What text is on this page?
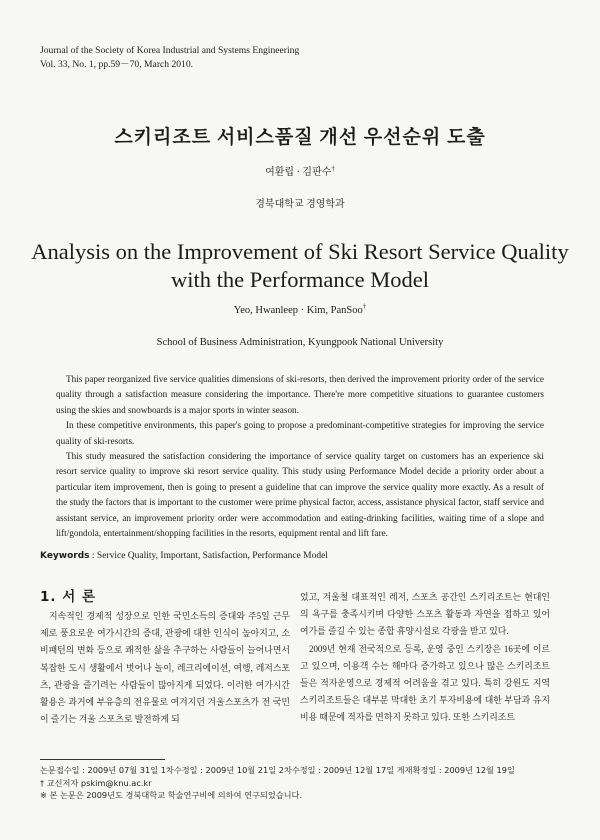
Journal of the Society of Korea Industrial and Systems Engineering
Vol. 33, No. 1, pp.59－70, March 2010.
스키리조트 서비스품질 개선 우선순위 도출
여환립 · 김판수†
경북대학교 경영학과
Analysis on the Improvement of Ski Resort Service Quality
with the Performance Model
Yeo, Hwanleep · Kim, PanSoo†
School of Business Administration, Kyungpook National University

This paper reorganized five service qualities dimensions of ski-resorts, then derived the improvement priority order of the service quality through a satisfaction measure considering the importance. There're more competitive situations to guarantee customers using the skies and snowboards is a major sports in winter season.

In these competitive environments, this paper's going to propose a predominant-competitive strategies for improving the service quality of ski-resorts.

This study measured the satisfaction considering the importance of service quality target on customers has an experience ski resort service quality to improve ski resort service quality. This study using Performance Model decide a priority order about a particular item improvement, then is going to present a guideline that can improve the service quality more exactly. As a result of the study the factors that is important to the customer were prime physical factor, access, assistance physical factor, staff service and assistant service, an improvement priority order were accommodation and eating-drinking facilities, waiting time of a slope and lift/gondola, entertainment/shopping facilities in the resorts, equipment rental and lift fare.

Keywords : Service Quality, Important, Satisfaction, Performance Model
1. 서 론

지속적인 경제적 성장으로 인한 국민소득의 증대와 주5일 근무제로 풍요로운 여가시간의 증대, 관광에 대한 인식이 높아지고, 소비패턴의 변화 등으로 쾌적한 삶을 추구하는 사람들이 늘어나면서 복잡한 도시 생활에서 벗어나 놀이, 레크리에이션, 여행, 레저스포츠, 관광을 즐기려는 사람들이 많아지게 되었다. 이러한 여가시간 활용은 과거에 부유층의 전유물로 여겨지던 겨울스포츠가 전 국민이 즐기는 겨울 스포츠로 발전하게 되

었고, 겨울철 대표적인 레저, 스포츠 공간인 스키리조트는 현대인의 욕구를 충족시키며 다양한 스포츠 활동과 자연을 접하고 있어 여가를 즐길 수 있는 종합 휴양시설로 각광을 받고 있다.

2009년 현재 전국적으로 등록, 운영 중인 스키장은 16곳에 이르고 있으며, 이용객 수는 해마다 증가하고 있으나 많은 스키리조트 들은 적자운영으로 경제적 어려움을 겪고 있다. 특히 강원도 지역 스키리조트들은 대부분 막대한 초기 투자비용에 대한 부담과 유지비용 때문에 적자를 면하지 못하고 있다. 또한 스키리조트

논문접수일 : 2009년 07월 31일 1차수정일 : 2009년 10월 21일 2차수정일 : 2009년 12월 17일 게재확정일 : 2009년 12월 19일
† 교신저자 pskim@knu.ac.kr
※ 본 논문은 2009년도 경북대학교 학술연구비에 의하여 연구되었습니다.
